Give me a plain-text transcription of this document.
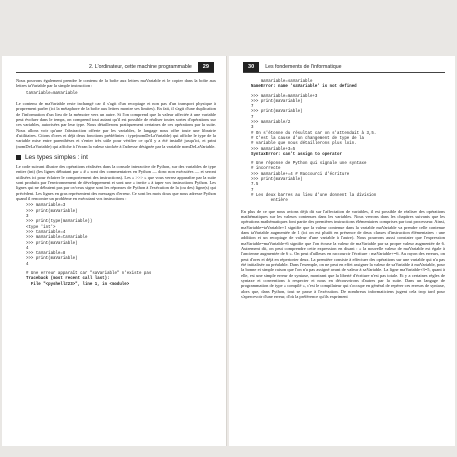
2. L'ordinateur, cette machine programmable	29

Nous pouvons également prendre le contenu de la boîte aux lettres maVariable et le copier dans la boîte aux lettres taVariable par la simple instruction :

taVariable=maVariable

Le contenu de maVariable reste inchangé car il s'agit d'un recopiage et non pas d'un transport physique à proprement parler (ici la métaphore de la boîte aux lettres montre ses limites). En fait, il s'agit d'une duplication de l'information d'un lieu de la mémoire vers un autre. Si l'on comprend que la valeur affectée à une variable peut évoluer dans le temps, on comprend tout autant qu'il est possible de réaliser toutes sortes d'opérations sur ces variables, autorisées par leur type. Nous détaillerons pratiquement certaines de ces opérations par la suite. Nous allons voir qu'une l'abstraction offerte par les variables, le langage nous offre toute une librairie d'utilitaires. Citons d'ores et déjà deux fonctions prédéfinies : type(nomDeLaVariable) qui affiche le type de la variable mise entre parenthèses et s'enter très utile pour vérifier ce qu'il y a été installé jusqu'ici, et print (nomDeLaVariable) qui affiche à l'écran la valeur stockée à l'adresse désignée par la variable nomDeLaVariable.

Les types simples : int

Le code suivant illustre des opérations réalisées dans la console interactive de Python, sur des variables de type entier (int) (les lignes débutant par « # » sont des commentaires en Python — donc non exécutées — et seront utilisées ici pour éclairer le comportement des instructions). Les « >>> » que vous verrez apparaître par la suite sont produits par l'environnement de développement et sont une « invite » à taper vos instructions Python. Les lignes qui ne débutent pas par ce/ceux signe sont les réponses de Python à l'exécution de la (ou des) ligne(s) qui précèdent. Les lignes en gras représentent des messages d'erreur. Ce sont les mots doux que nous adresse Python quand il rencontre un problème en exécutant vos instructions :

>>> maVariable=3
>>> print(maVariable)
3
>>> print(type(maVariable))
<type 'int'>
>>> taVariable=4
>>> maVariable=taVariable
>>> print(maVariable)
4
>>> taVariable=8
>>> print(maVariable)
4
# Une erreur apparaît car "saVariable" n'existe pas
Traceback (most recent call last):
File "<pyshell#23>", line 1, in <module>
30	Les fondements de l'informatique
maVariable=saVariable
NameError: name 'saVariable' is not defined
>>> maVariable=maVariable+3
>>> print(maVariable)
7
>>> print(maVariable)
7
>>> maVariable/2
3
# On s'étonne du résultat car on s'attendait à 3,5.
# C'est la cause d'un changement de type de la
# variable que nous détaillerons plus loin.
>>> maVariable+3=5
SyntaxError: can't assign to operator
# Une réponse de Python qui signale une syntaxe
# incorrecte
>>> maVariable+=4 # Raccourci d'écriture
>>> print(maVariable)
7.5
7
# Les deux barres au lieu d'une donnent la division
entière

En plus de ce que nous avions déjà dit sur l'affectation de variables, il est possible de réaliser des opérations mathématiques sur les valeurs contenues dans les variables. Nous verrons dans les chapitres suivants que les opérations mathématiques font partie des premières instructions élémentaires comprises par tout processeur. Ainsi, maVariable=taVariable+1 signifie que la valeur contenue dans la variable maVariable va prendre celle contenue dans taVariable augmentée de 1 (ici on est plutôt en présence de deux classes d'instruction élémentaires : une addition et un recopiage de valeur d'une variable à l'autre). Nous pourrons aussi constater que l'expression maVariable=maVariable+6 signifie que l'on écrase la valeur de maVariable par sa propre valeur augmentée de 6. Autrement dit, on peut comprendre cette expression en disant : « la nouvelle valeur de maVariable est égale à l'ancienne augmentée de 6 ». On peut d'ailleurs en raccourcir l'écriture : maVariable+=6. Au rayon des erreurs, on peut d'ores et déjà en répertorier deux. La première consiste à effectuer des opérations sur une variable qui n'a pas été initialisée au préalable. Dans l'exemple, on ne peut en effet assigner la valeur de saVariable à maVariable, pour la bonne et simple raison que l'on n'a pas assigné avant de valeur à saVariable. La ligne maVariable+3=5, quant à elle, est une simple erreur de syntaxe, montrant que la liberté d'écriture n'est pas totale. Et y a certaines règles de syntaxe et conventions à respecter et nous en découvrirons d'autres par la suite. Dans un langage de programmation de type « compilé », c'est le compilateur qui s'occupe en général de repérer ces erreurs de syntaxe, alors que, dans Python, tout se passe à l'exécution. De nombreux informaticiens jugent cela trop tard pour s'apercevoir d'une erreur, d'où la préférence qu'ils expriment
